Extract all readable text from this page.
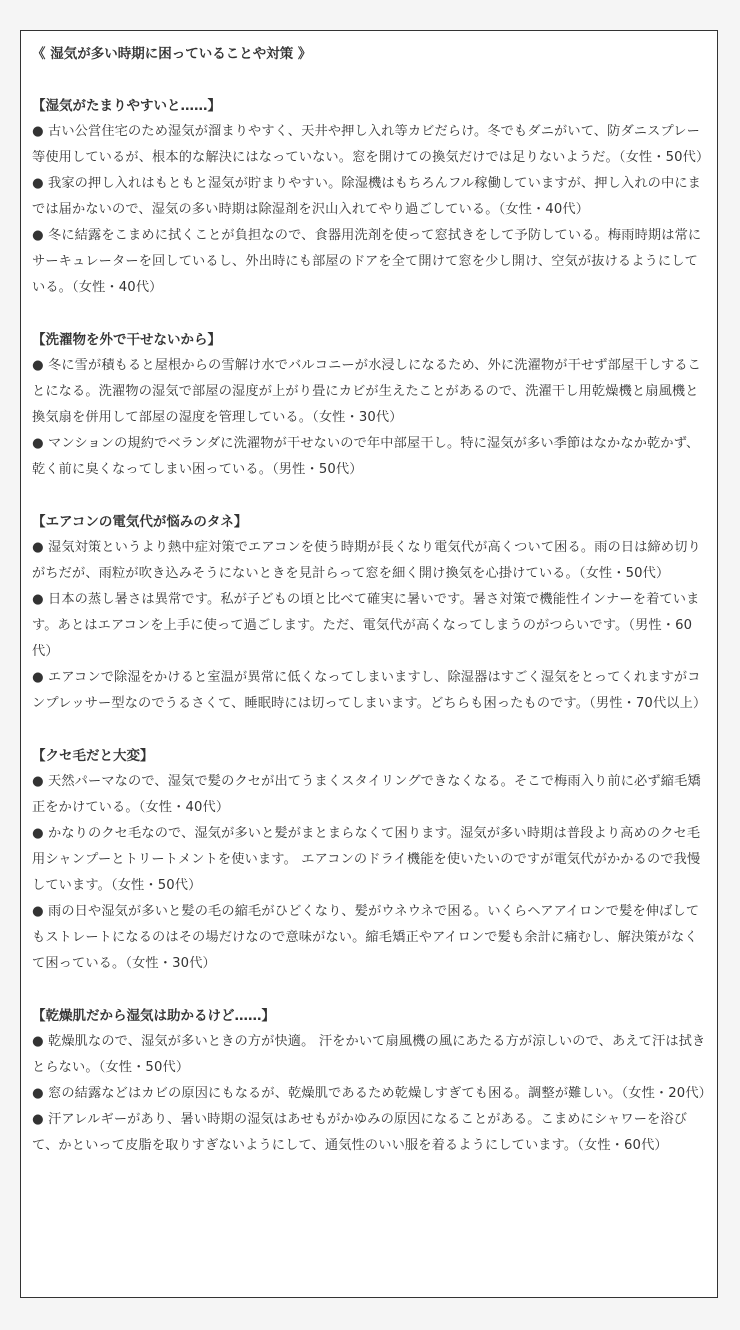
《 湿気が多い時期に困っていることや対策 》

【湿気がたまりやすいと……】

● 古い公営住宅のため湿気が溜まりやすく、天井や押し入れ等カビだらけ。冬でもダニがいて、防ダニスプレー等使用しているが、根本的な解決にはなっていない。窓を開けての換気だけでは足りないようだ。（女性・50代）

● 我家の押し入れはもともと湿気が貯まりやすい。除湿機はもちろんフル稼働していますが、押し入れの中にまでは届かないので、湿気の多い時期は除湿剤を沢山入れてやり過ごしている。（女性・40代）

● 冬に結露をこまめに拭くことが負担なので、食器用洗剤を使って窓拭きをして予防している。梅雨時期は常にサーキュレーターを回しているし、外出時にも部屋のドアを全て開けて窓を少し開け、空気が抜けるようにしている。（女性・40代）

【洗濯物を外で干せないから】

● 冬に雪が積もると屋根からの雪解け水でバルコニーが水浸しになるため、外に洗濯物が干せず部屋干しすることになる。洗濯物の湿気で部屋の湿度が上がり畳にカビが生えたことがあるので、洗濯干し用乾燥機と扇風機と換気扇を併用して部屋の湿度を管理している。（女性・30代）

● マンションの規約でベランダに洗濯物が干せないので年中部屋干し。特に湿気が多い季節はなかなか乾かず、乾く前に臭くなってしまい困っている。（男性・50代）

【エアコンの電気代が悩みのタネ】

● 湿気対策というより熱中症対策でエアコンを使う時期が長くなり電気代が高くついて困る。雨の日は締め切りがちだが、雨粒が吹き込みそうにないときを見計らって窓を細く開け換気を心掛けている。（女性・50代）

● 日本の蒸し暑さは異常です。私が子どもの頃と比べて確実に暑いです。暑さ対策で機能性インナーを着ています。あとはエアコンを上手に使って過ごします。ただ、電気代が高くなってしまうのがつらいです。（男性・60代）

● エアコンで除湿をかけると室温が異常に低くなってしまいますし、除湿器はすごく湿気をとってくれますがコンプレッサー型なのでうるさくて、睡眠時には切ってしまいます。どちらも困ったものです。（男性・70代以上）

【クセ毛だと大変】

● 天然パーマなので、湿気で髪のクセが出てうまくスタイリングできなくなる。そこで梅雨入り前に必ず縮毛矯正をかけている。（女性・40代）

● かなりのクセ毛なので、湿気が多いと髪がまとまらなくて困ります。湿気が多い時期は普段より高めのクセ毛用シャンプーとトリートメントを使います。 エアコンのドライ機能を使いたいのですが電気代がかかるので我慢しています。（女性・50代）

● 雨の日や湿気が多いと髪の毛の縮毛がひどくなり、髪がウネウネで困る。いくらヘアアイロンで髪を伸ばしてもストレートになるのはその場だけなので意味がない。縮毛矯正やアイロンで髪も余計に痛むし、解決策がなくて困っている。（女性・30代）

【乾燥肌だから湿気は助かるけど……】

● 乾燥肌なので、湿気が多いときの方が快適。 汗をかいて扇風機の風にあたる方が涼しいので、あえて汗は拭きとらない。（女性・50代）

● 窓の結露などはカビの原因にもなるが、乾燥肌であるため乾燥しすぎても困る。調整が難しい。（女性・20代）

● 汗アレルギーがあり、暑い時期の湿気はあせもがかゆみの原因になることがある。こまめにシャワーを浴びて、かといって皮脂を取りすぎないようにして、通気性のいい服を着るようにしています。（女性・60代）
